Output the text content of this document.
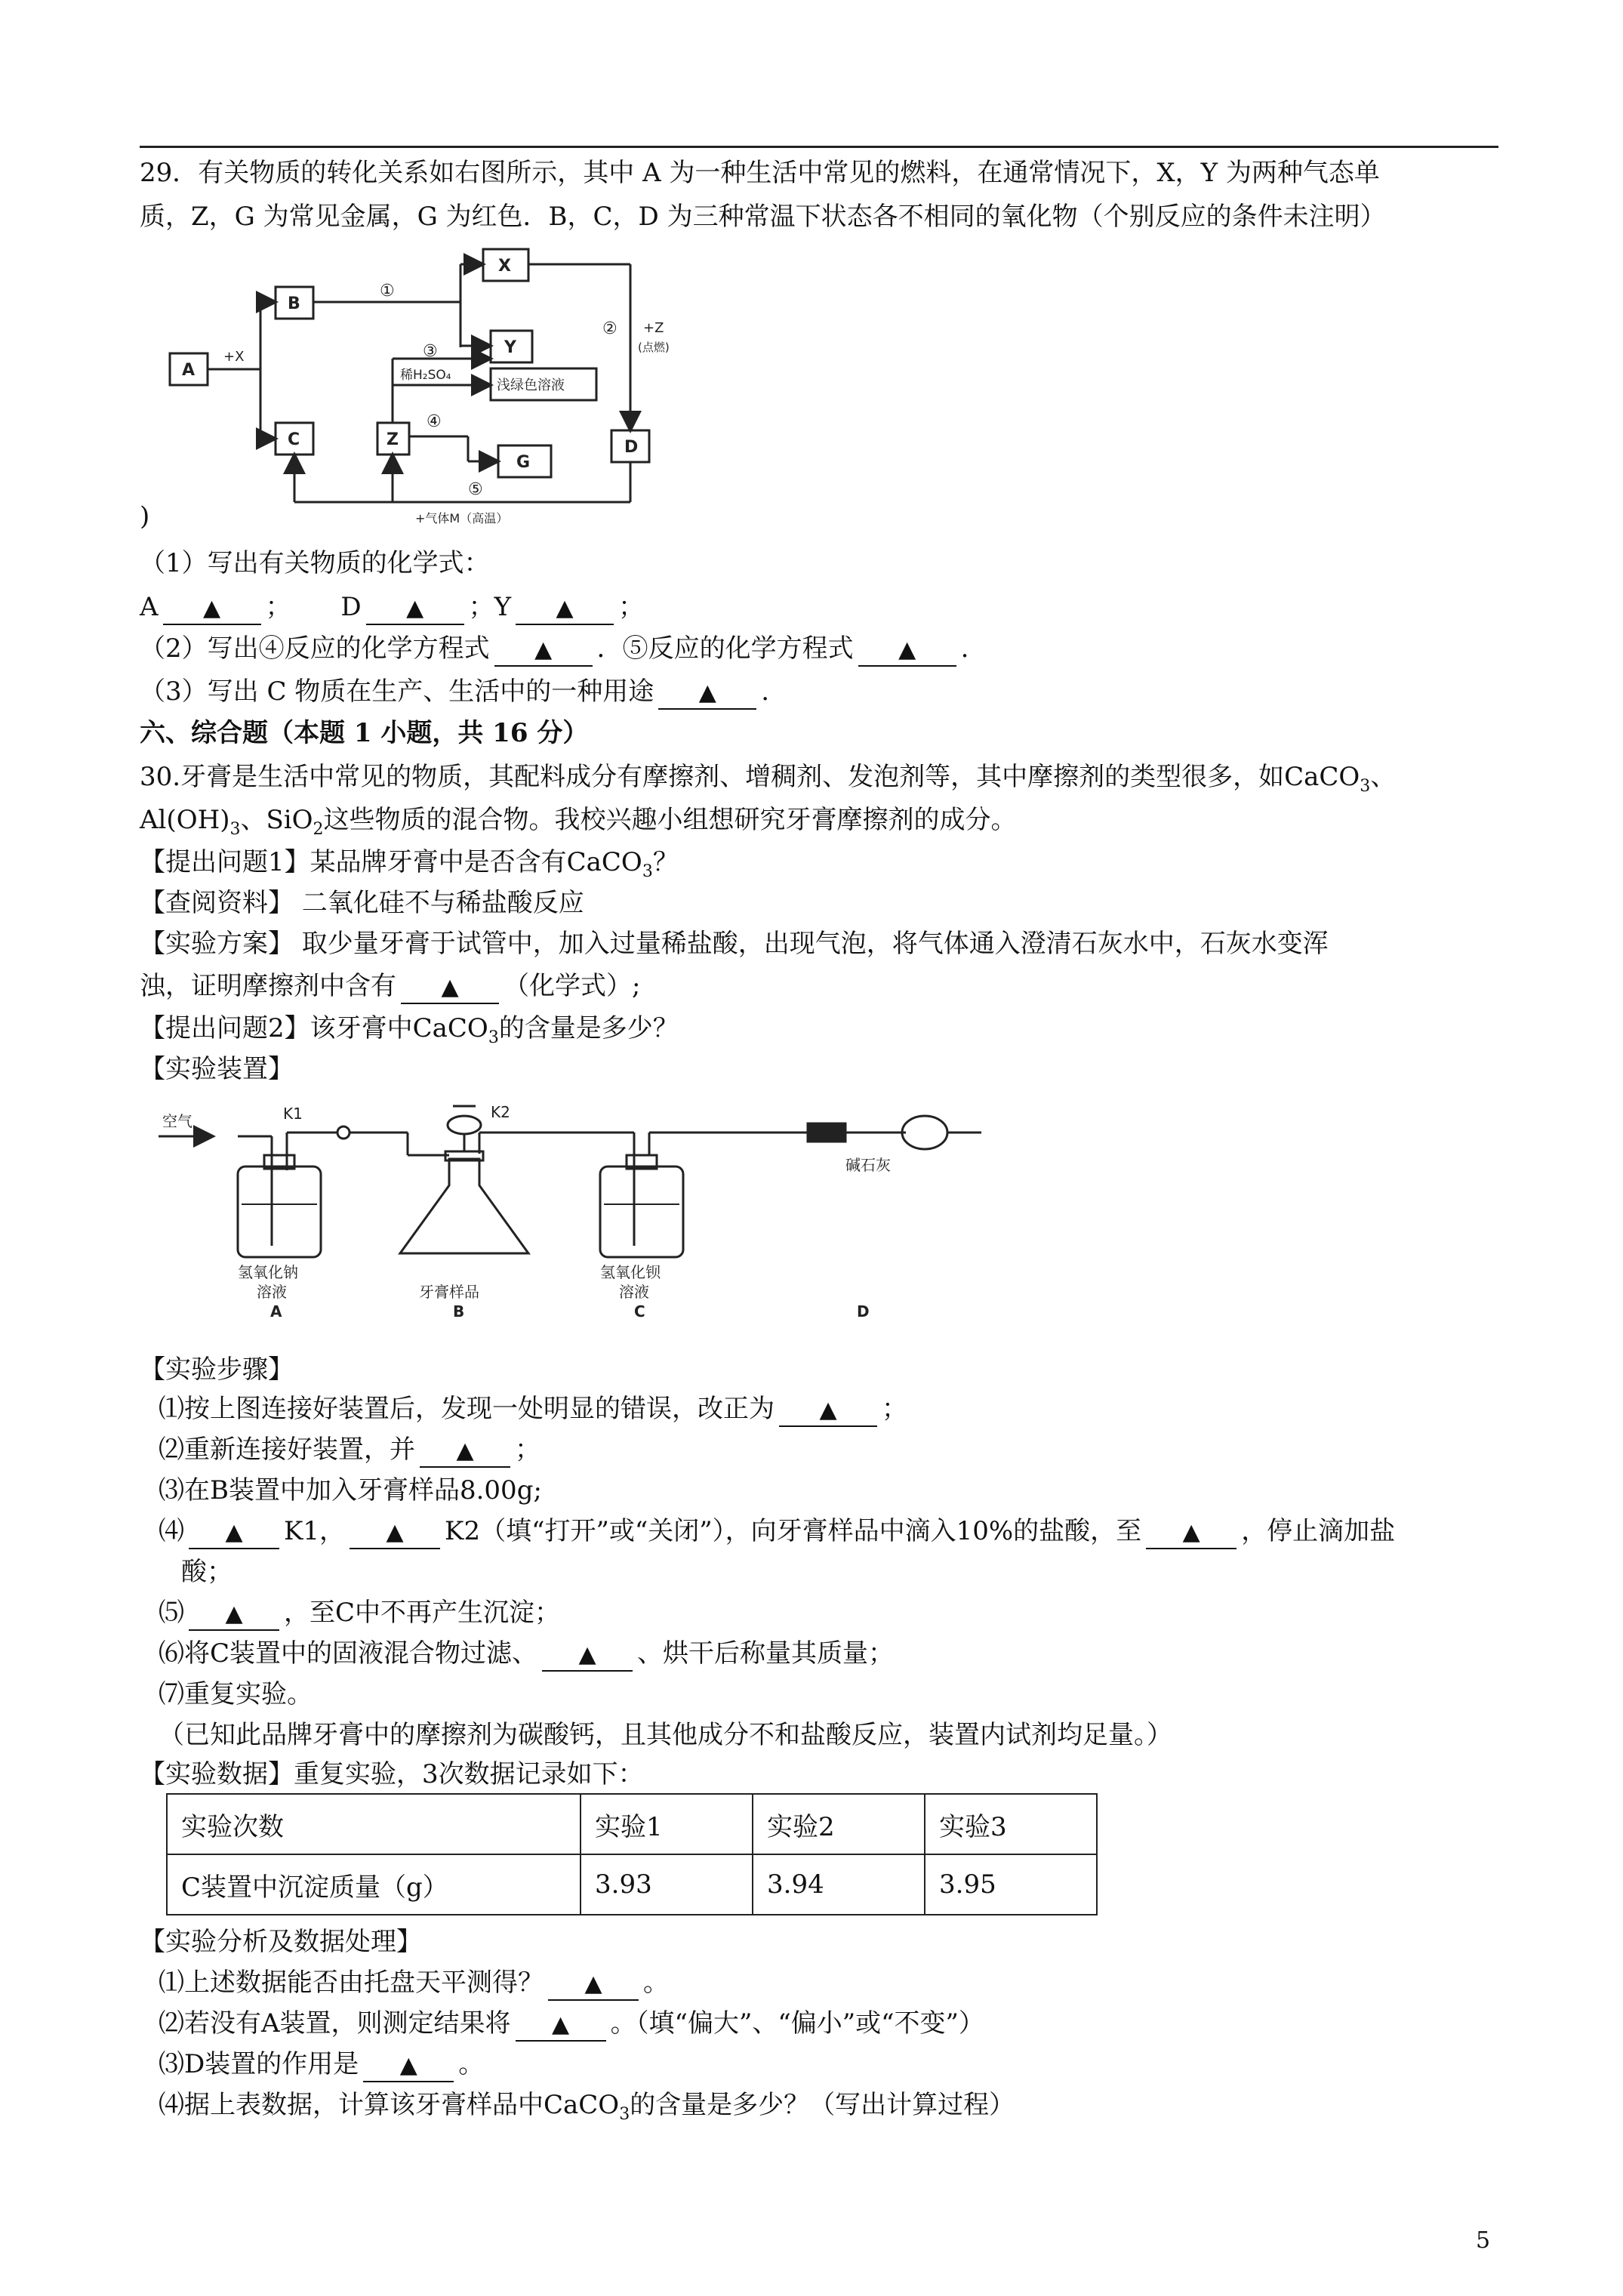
29．有关物质的转化关系如右图所示，其中 A 为一种生活中常见的燃料，在通常情况下，X，Y 为两种气态单
质，Z，G 为常见金属，G 为红色．B，C，D 为三种常温下状态各不相同的氧化物（个别反应的条件未注明）
A
B
C	Z
X
Y
G
D
浅绿色溶液
+X
+Z
(点燃)
稀H₂SO₄
+气体M（高温）
①
②
③
④
⑤
)
（1）写出有关物质的化学式：
A ▲ ； D ▲ ；Y ▲ ；
（2）写出④反应的化学方程式 ▲ ．⑤反应的化学方程式 ▲ .
（3）写出 C 物质在生产、生活中的一种用途 ▲ .
六、综合题（本题 1 小题，共 16 分）
30.牙膏是生活中常见的物质，其配料成分有摩擦剂、增稠剂、发泡剂等，其中摩擦剂的类型很多，如CaCO$_3$、
$Al(OH)_3$、SiO$_2$这些物质的混合物。我校兴趣小组想研究牙膏摩擦剂的成分。
【提出问题1】某品牌牙膏中是否含有CaCO$_3$？
【查阅资料】 二氧化硅不与稀盐酸反应
【实验方案】 取少量牙膏于试管中，加入过量稀盐酸，出现气泡，将气体通入澄清石灰水中，石灰水变浑
浊，证明摩擦剂中含有 ▲ （化学式）;
【提出问题2】该牙膏中CaCO$_3$的含量是多少？
【实验装置】
空气	K1	K2
碱石灰
氢氧化钠
溶液
A
牙膏样品
B
氢氧化钡
溶液
C	D
【实验步骤】
⑴按上图连接好装置后，发现一处明显的错误，改正为 ▲ ；
⑵重新连接好装置，并 ▲ ；
⑶在B装置中加入牙膏样品8.00g;
⑷ ▲ K1， ▲ K2（填“打开”或“关闭”），向牙膏样品中滴入10%的盐酸，至 ▲ ，停止滴加盐
酸；
⑸ ▲ ，至C中不再产生沉淀；
⑹将C装置中的固液混合物过滤、 ▲ 、烘干后称量其质量；
⑺重复实验。
（已知此品牌牙膏中的摩擦剂为碳酸钙，且其他成分不和盐酸反应，装置内试剂均足量。）
【实验数据】重复实验，3次数据记录如下：
实验次数	实验1	实验2	实验3
C装置中沉淀质量（g）	3.93	3.94	3.95
【实验分析及数据处理】
⑴上述数据能否由托盘天平测得？ ▲ 。
⑵若没有A装置，则测定结果将 ▲ 。（填“偏大”、“偏小”或“不变”）
⑶D装置的作用是 ▲ 。
⑷据上表数据，计算该牙膏样品中CaCO$_3$的含量是多少？（写出计算过程）
5
